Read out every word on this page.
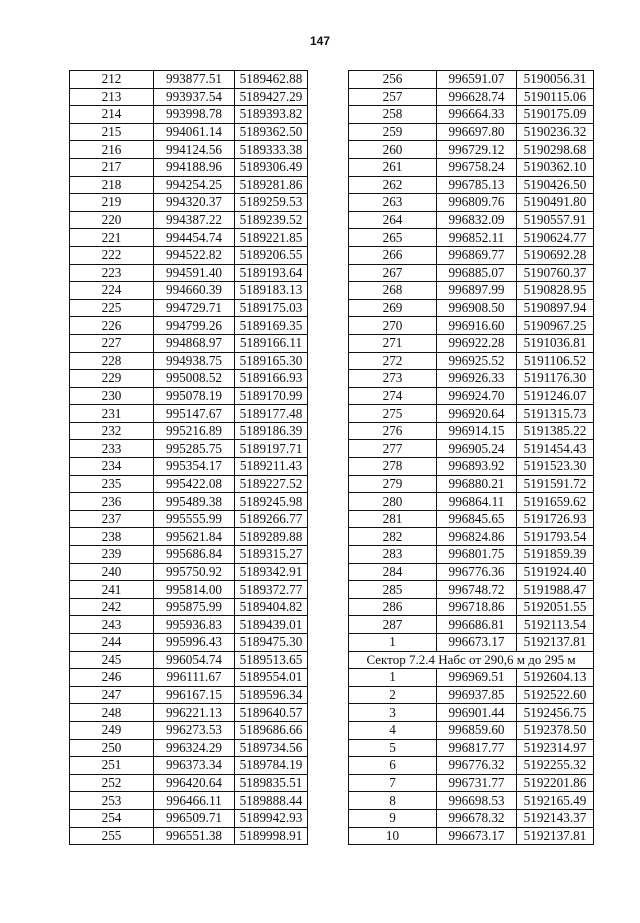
147
212	993877.51	5189462.88
213	993937.54	5189427.29
214	993998.78	5189393.82
215	994061.14	5189362.50
216	994124.56	5189333.38
217	994188.96	5189306.49
218	994254.25	5189281.86
219	994320.37	5189259.53
220	994387.22	5189239.52
221	994454.74	5189221.85
222	994522.82	5189206.55
223	994591.40	5189193.64
224	994660.39	5189183.13
225	994729.71	5189175.03
226	994799.26	5189169.35
227	994868.97	5189166.11
228	994938.75	5189165.30
229	995008.52	5189166.93
230	995078.19	5189170.99
231	995147.67	5189177.48
232	995216.89	5189186.39
233	995285.75	5189197.71
234	995354.17	5189211.43
235	995422.08	5189227.52
236	995489.38	5189245.98
237	995555.99	5189266.77
238	995621.84	5189289.88
239	995686.84	5189315.27
240	995750.92	5189342.91
241	995814.00	5189372.77
242	995875.99	5189404.82
243	995936.83	5189439.01
244	995996.43	5189475.30
245	996054.74	5189513.65
246	996111.67	5189554.01
247	996167.15	5189596.34
248	996221.13	5189640.57
249	996273.53	5189686.66
250	996324.29	5189734.56
251	996373.34	5189784.19
252	996420.64	5189835.51
253	996466.11	5189888.44
254	996509.71	5189942.93
255	996551.38	5189998.91
256	996591.07	5190056.31
257	996628.74	5190115.06
258	996664.33	5190175.09
259	996697.80	5190236.32
260	996729.12	5190298.68
261	996758.24	5190362.10
262	996785.13	5190426.50
263	996809.76	5190491.80
264	996832.09	5190557.91
265	996852.11	5190624.77
266	996869.77	5190692.28
267	996885.07	5190760.37
268	996897.99	5190828.95
269	996908.50	5190897.94
270	996916.60	5190967.25
271	996922.28	5191036.81
272	996925.52	5191106.52
273	996926.33	5191176.30
274	996924.70	5191246.07
275	996920.64	5191315.73
276	996914.15	5191385.22
277	996905.24	5191454.43
278	996893.92	5191523.30
279	996880.21	5191591.72
280	996864.11	5191659.62
281	996845.65	5191726.93
282	996824.86	5191793.54
283	996801.75	5191859.39
284	996776.36	5191924.40
285	996748.72	5191988.47
286	996718.86	5192051.55
287	996686.81	5192113.54
1	996673.17	5192137.81
Сектор 7.2.4 Набс от 290,6 м до 295 м		
1	996969.51	5192604.13
2	996937.85	5192522.60
3	996901.44	5192456.75
4	996859.60	5192378.50
5	996817.77	5192314.97
6	996776.32	5192255.32
7	996731.77	5192201.86
8	996698.53	5192165.49
9	996678.32	5192143.37
10	996673.17	5192137.81
